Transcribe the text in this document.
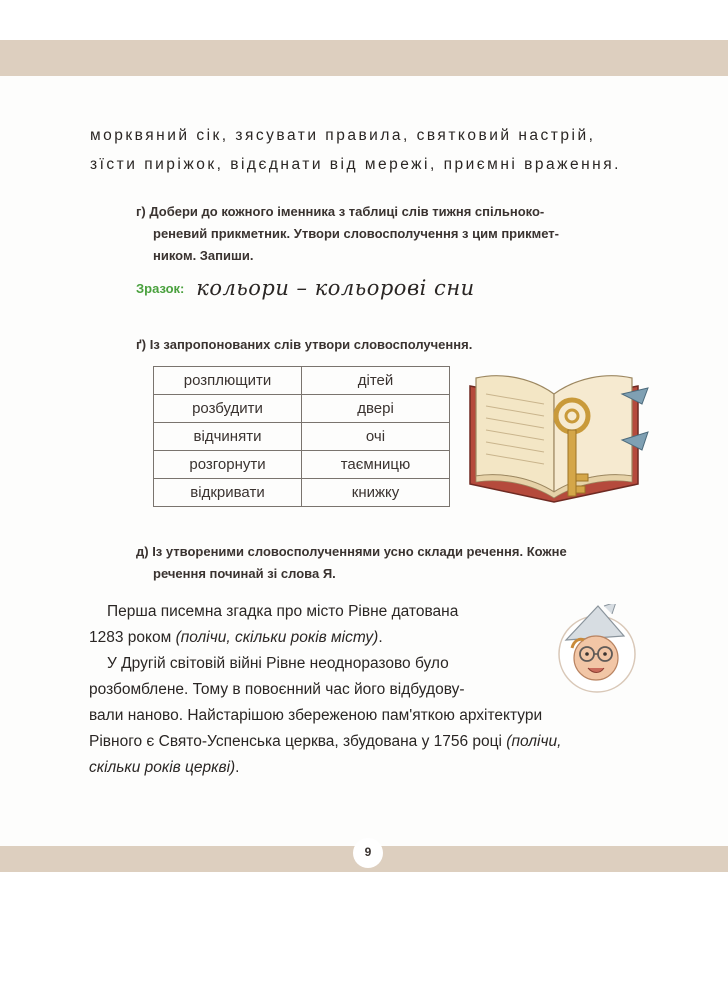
морквяний сік, зясувати правила, святковий настрій,
зїсти пиріжок, відєднати від мережі, приємні враження.
г) Добери до кожного іменника з таблиці слів тижня спільноко-
реневий прикметник. Утвори словосполучення з цим прикмет-
ником. Запиши.
Зразок: кольори – кольорові сни
ґ) Із запропонованих слів утвори словосполучення.
розплющити	дітей
розбудити	двері
відчиняти	очі
розгорнути	таємницю
відкривати	книжку
д) Із утвореними словосполученнями усно склади речення. Кожне
речення починай зі слова Я.
Перша писемна згадка про місто Рівне датована
1283 роком (полічи, скільки років місту).
У Другій світовій війні Рівне неодноразово було
розбомблене. Тому в повоєнний час його відбудову-
вали наново. Найстарішою збереженою пам'яткою архітектури
Рівного є Свято-Успенська церква, збудована у 1756 році (полічи,
скільки років церкві).
9
